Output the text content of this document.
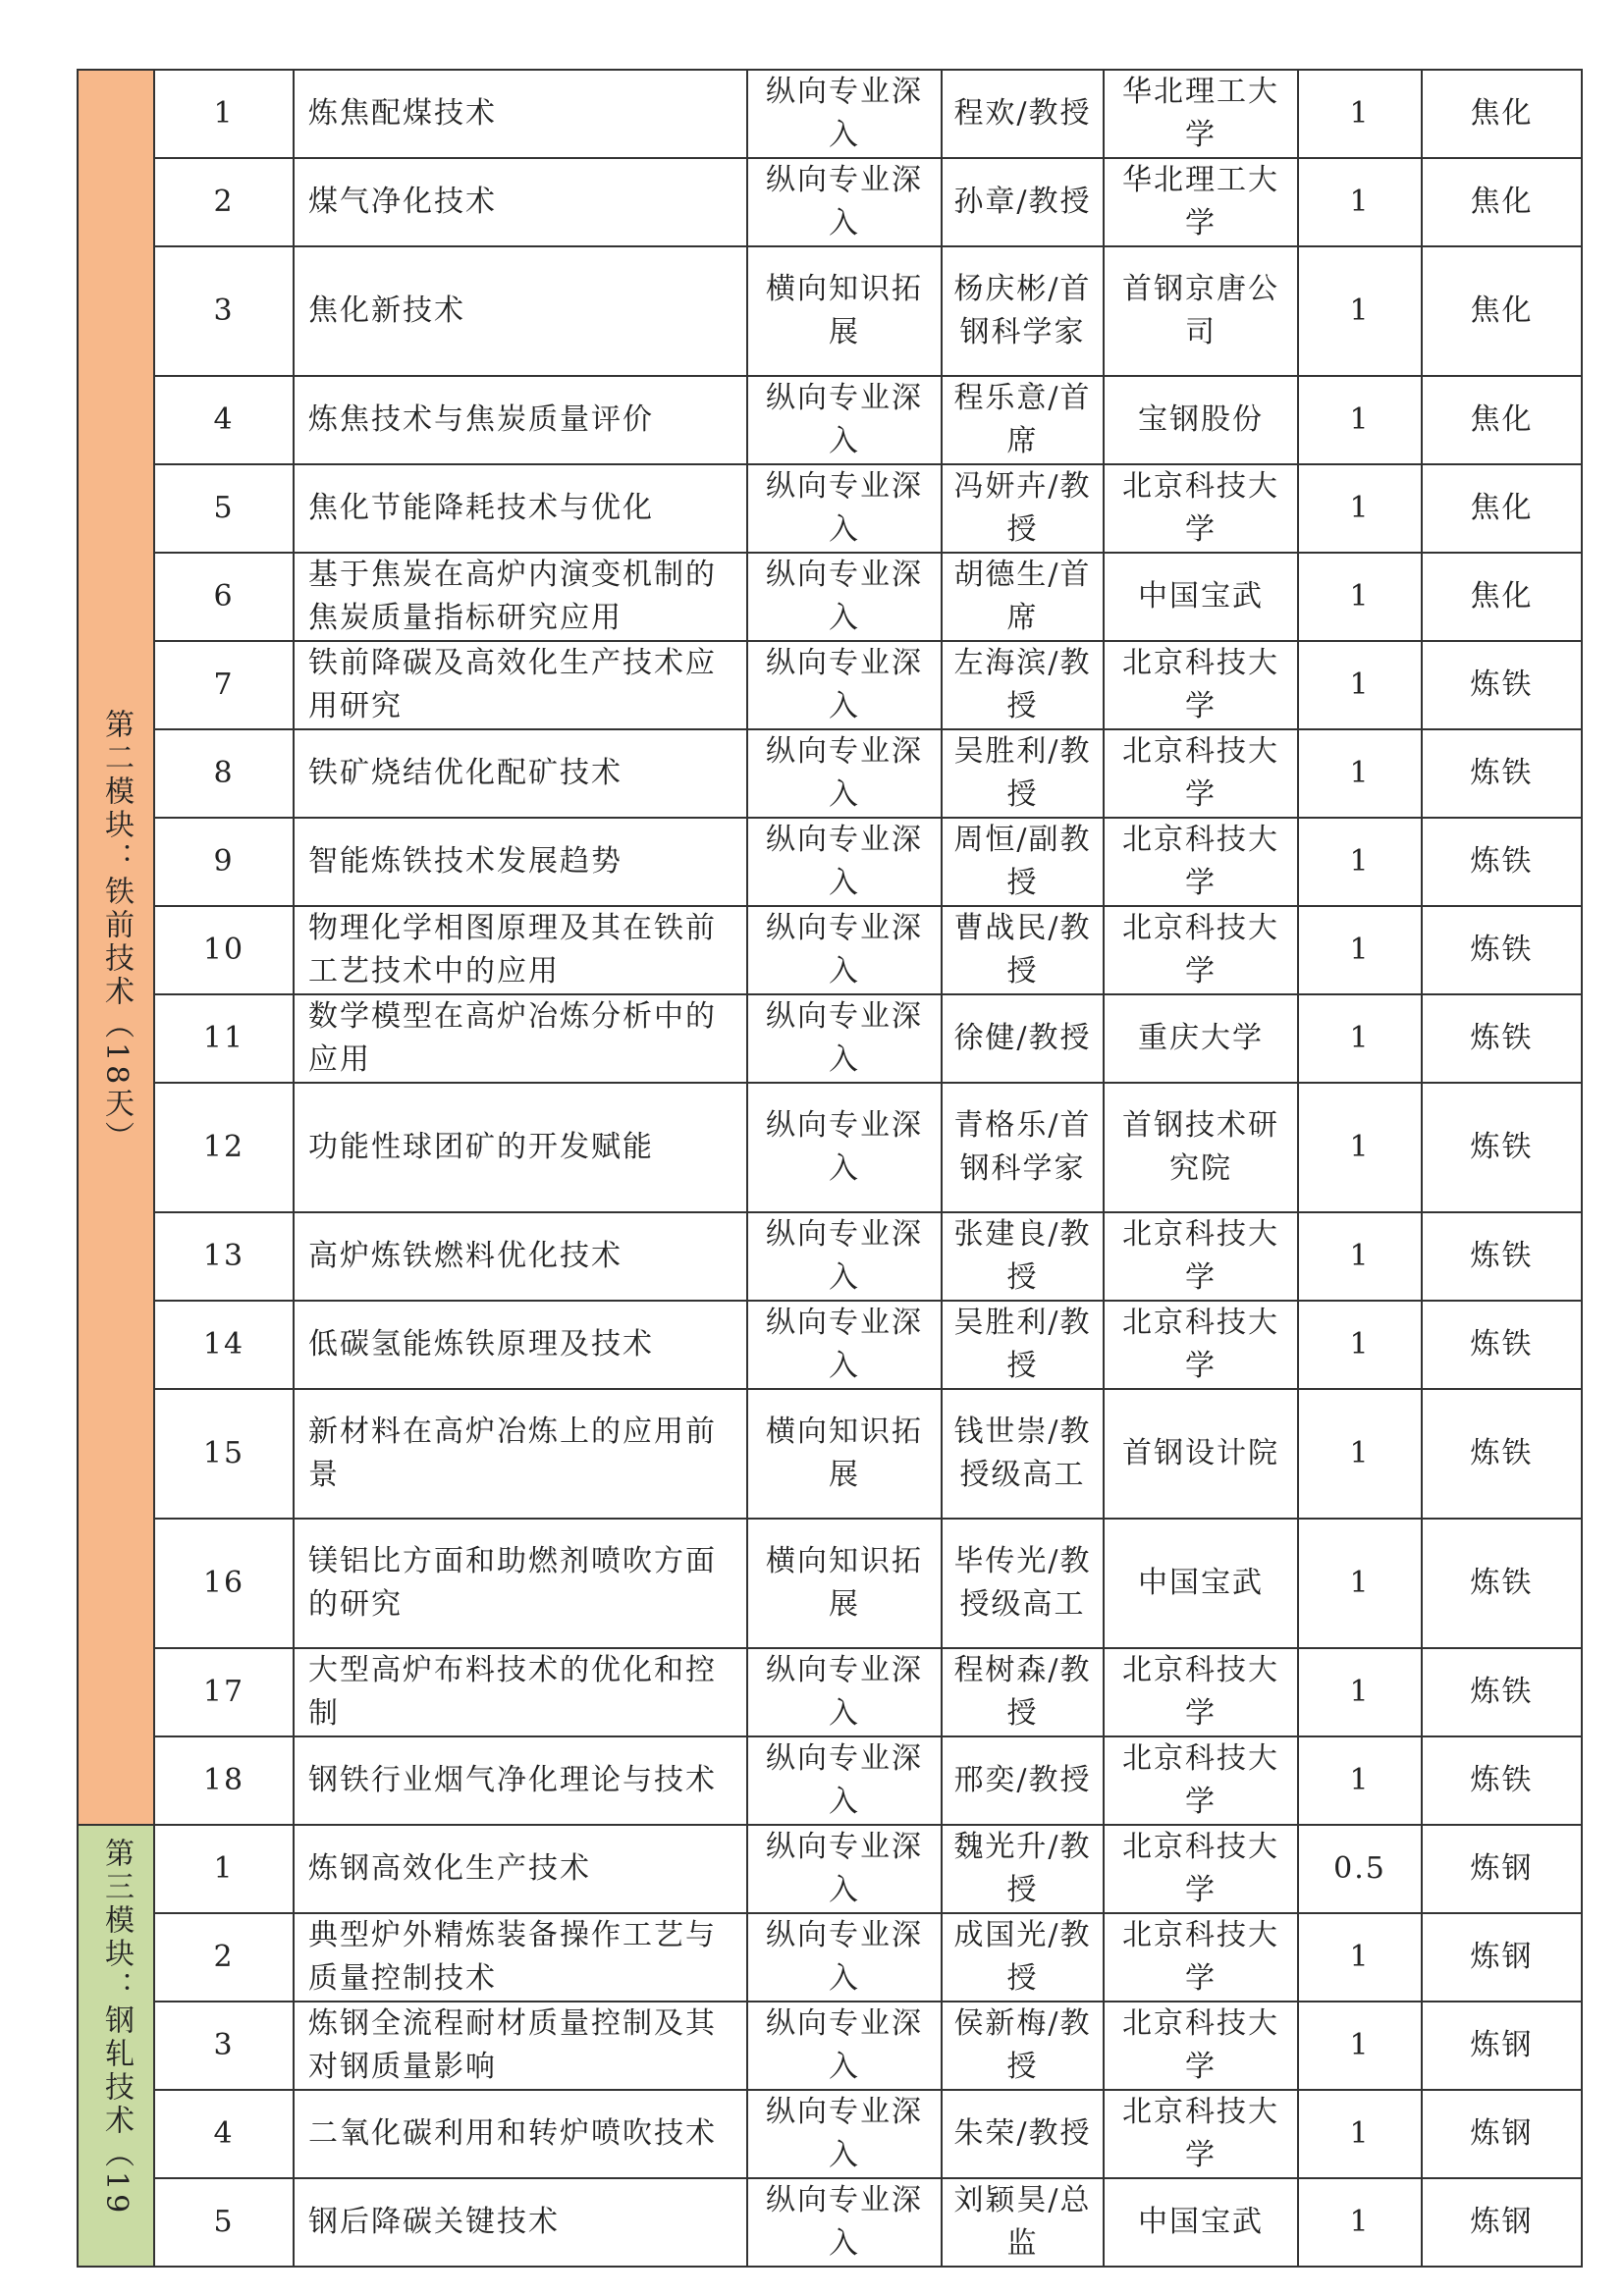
第二模块：铁前技术（18天）	1	炼焦配煤技术	纵向专业深入	程欢/教授	华北理工大学	1	焦化
	2	煤气净化技术	纵向专业深入	孙章/教授	华北理工大学	1	焦化
	3	焦化新技术	横向知识拓展	杨庆彬/首钢科学家	首钢京唐公司	1	焦化
	4	炼焦技术与焦炭质量评价	纵向专业深入	程乐意/首席	宝钢股份	1	焦化
	5	焦化节能降耗技术与优化	纵向专业深入	冯妍卉/教授	北京科技大学	1	焦化
	6	基于焦炭在高炉内演变机制的焦炭质量指标研究应用	纵向专业深入	胡德生/首席	中国宝武	1	焦化
	7	铁前降碳及高效化生产技术应用研究	纵向专业深入	左海滨/教授	北京科技大学	1	炼铁
	8	铁矿烧结优化配矿技术	纵向专业深入	吴胜利/教授	北京科技大学	1	炼铁
	9	智能炼铁技术发展趋势	纵向专业深入	周恒/副教授	北京科技大学	1	炼铁
	10	物理化学相图原理及其在铁前工艺技术中的应用	纵向专业深入	曹战民/教授	北京科技大学	1	炼铁
	11	数学模型在高炉冶炼分析中的应用	纵向专业深入	徐健/教授	重庆大学	1	炼铁
	12	功能性球团矿的开发赋能	纵向专业深入	青格乐/首钢科学家	首钢技术研究院	1	炼铁
	13	高炉炼铁燃料优化技术	纵向专业深入	张建良/教授	北京科技大学	1	炼铁
	14	低碳氢能炼铁原理及技术	纵向专业深入	吴胜利/教授	北京科技大学	1	炼铁
	15	新材料在高炉冶炼上的应用前景	横向知识拓展	钱世崇/教授级高工	首钢设计院	1	炼铁
	16	镁铝比方面和助燃剂喷吹方面的研究	横向知识拓展	毕传光/教授级高工	中国宝武	1	炼铁
	17	大型高炉布料技术的优化和控制	纵向专业深入	程树森/教授	北京科技大学	1	炼铁
	18	钢铁行业烟气净化理论与技术	纵向专业深入	邢奕/教授	北京科技大学	1	炼铁

第三模块：钢轧技术（19	1	炼钢高效化生产技术	纵向专业深入	魏光升/教授	北京科技大学	0.5	炼钢
	2	典型炉外精炼装备操作工艺与质量控制技术	纵向专业深入	成国光/教授	北京科技大学	1	炼钢
	3	炼钢全流程耐材质量控制及其对钢质量影响	纵向专业深入	侯新梅/教授	北京科技大学	1	炼钢
	4	二氧化碳利用和转炉喷吹技术	纵向专业深入	朱荣/教授	北京科技大学	1	炼钢
	5	钢后降碳关键技术	纵向专业深入	刘颖昊/总监	中国宝武	1	炼钢
